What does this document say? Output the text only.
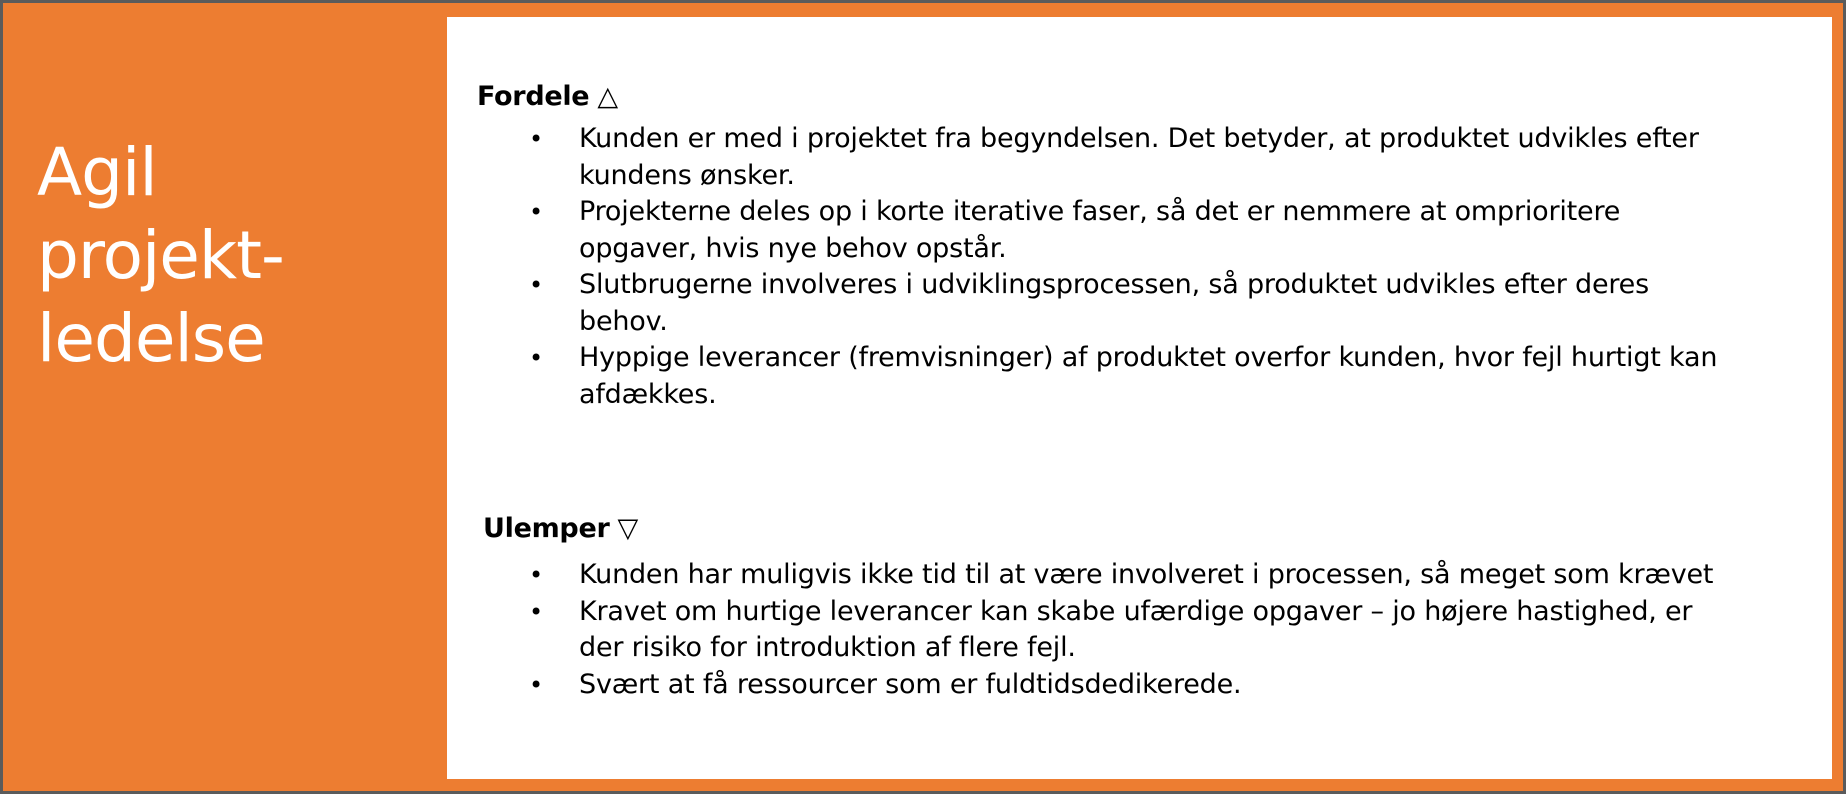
Agil
projekt-
ledelse
Fordele △
• Kunden er med i projektet fra begyndelsen. Det betyder, at produktet udvikles efter kundens ønsker.
• Projekterne deles op i korte iterative faser, så det er nemmere at omprioritere opgaver, hvis nye behov opstår.
• Slutbrugerne involveres i udviklingsprocessen, så produktet udvikles efter deres behov.
• Hyppige leverancer (fremvisninger) af produktet overfor kunden, hvor fejl hurtigt kan afdækkes.
Ulemper ▽
• Kunden har muligvis ikke tid til at være involveret i processen, så meget som krævet
• Kravet om hurtige leverancer kan skabe ufærdige opgaver – jo højere hastighed, er der risiko for introduktion af flere fejl.
• Svært at få ressourcer som er fuldtidsdedikerede.
